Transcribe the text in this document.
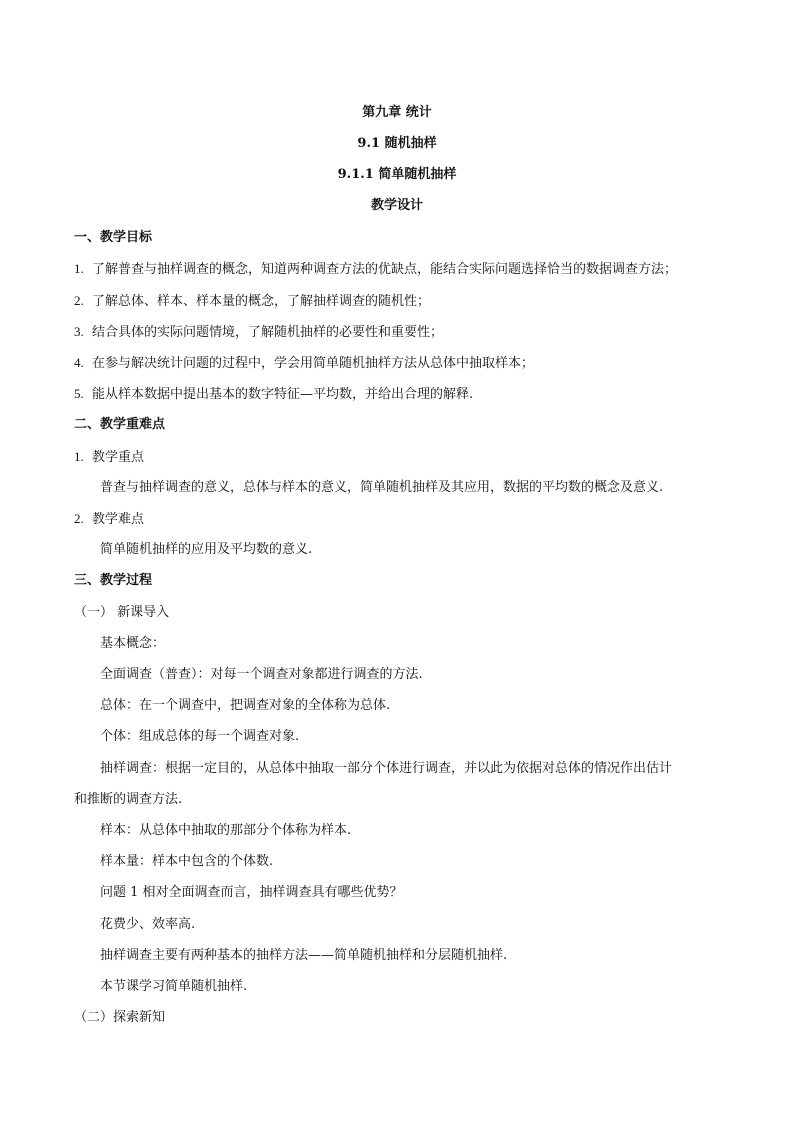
第九章 统计
9.1 随机抽样
9.1.1 简单随机抽样
教学设计
一、教学目标
1. 了解普查与抽样调查的概念，知道两种调查方法的优缺点，能结合实际问题选择恰当的数据调查方法；
2. 了解总体、样本、样本量的概念，了解抽样调查的随机性；
3. 结合具体的实际问题情境，了解随机抽样的必要性和重要性；
4. 在参与解决统计问题的过程中，学会用简单随机抽样方法从总体中抽取样本；
5. 能从样本数据中提出基本的数字特征—平均数，并给出合理的解释.
二、教学重难点
1. 教学重点
普查与抽样调查的意义，总体与样本的意义，简单随机抽样及其应用，数据的平均数的概念及意义.
2. 教学难点
简单随机抽样的应用及平均数的意义.
三、教学过程
（一） 新课导入
基本概念：
全面调查（普查）：对每一个调查对象都进行调查的方法.
总体：在一个调查中，把调查对象的全体称为总体.
个体：组成总体的每一个调查对象.
抽样调查：根据一定目的，从总体中抽取一部分个体进行调查，并以此为依据对总体的情况作出估计
和推断的调查方法.
样本：从总体中抽取的那部分个体称为样本.
样本量：样本中包含的个体数.
问题 1 相对全面调查而言，抽样调查具有哪些优势？
花费少、效率高.
抽样调查主要有两种基本的抽样方法——简单随机抽样和分层随机抽样.
本节课学习简单随机抽样.
（二）探索新知
